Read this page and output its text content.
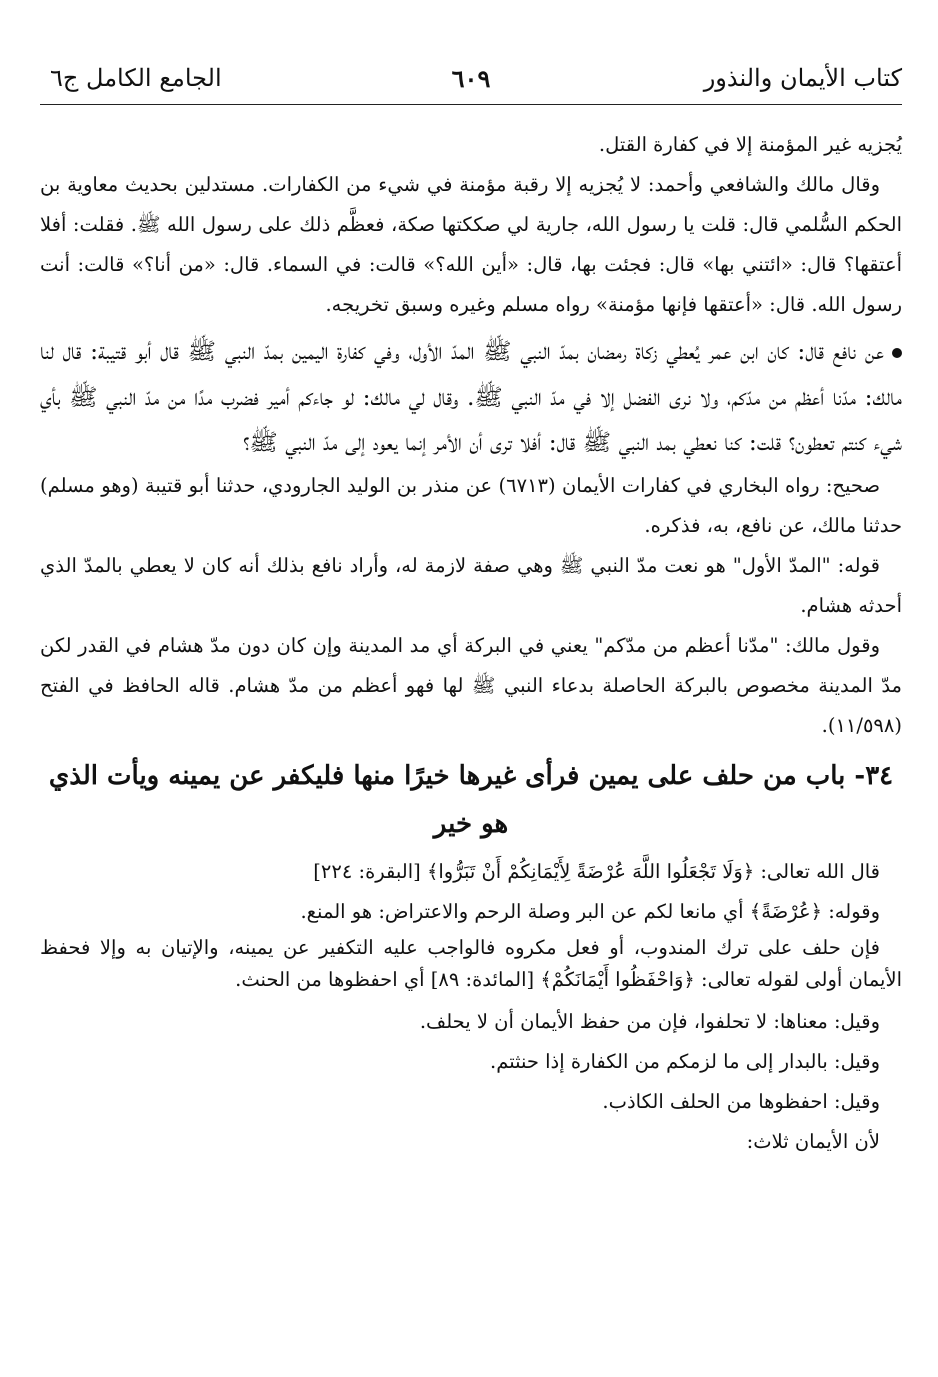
كتاب الأيمان والنذور
٦٠٩
الجامع الكامل ج٦

يُجزيه غير المؤمنة إلا في كفارة القتل.

وقال مالك والشافعي وأحمد: لا يُجزيه إلا رقبة مؤمنة في شيء من الكفارات. مستدلين بحديث معاوية بن الحكم السُّلمي قال: قلت يا رسول الله، جارية لي صككتها صكة، فعظَّم ذلك على رسول الله ﷺ. فقلت: أفلا أعتقها؟ قال: «ائتني بها» قال: فجئت بها، قال: «أين الله؟» قالت: في السماء. قال: «من أنا؟» قالت: أنت رسول الله. قال: «أعتقها فإنها مؤمنة» رواه مسلم وغيره وسبق تخريجه.

عن نافع قال: كان ابن عمر يُعطي زكاة رمضان بمدّ النبي ﷺ المدّ الأول، وفي كفارة اليمين بمدّ النبي ﷺ قال أبو قتيبة: قال لنا مالك: مدّنا أعظم من مدّكم، ولا نرى الفضل إلا في مدّ النبي ﷺ. وقال لي مالك: لو جاءكم أمير فضرب مدًا من مدّ النبي ﷺ بأي شيء كنتم تعطون؟ قلت: كنا نعطي بمد النبي ﷺ قال: أفلا ترى أن الأمر إنما يعود إلى مدّ النبي ﷺ؟

صحيح: رواه البخاري في كفارات الأيمان (٦٧١٣) عن منذر بن الوليد الجارودي، حدثنا أبو قتيبة (وهو مسلم) حدثنا مالك، عن نافع، به، فذكره.

قوله: "المدّ الأول" هو نعت مدّ النبي ﷺ وهي صفة لازمة له، وأراد نافع بذلك أنه كان لا يعطي بالمدّ الذي أحدثه هشام.

وقول مالك: "مدّنا أعظم من مدّكم" يعني في البركة أي مد المدينة وإن كان دون مدّ هشام في القدر لكن مدّ المدينة مخصوص بالبركة الحاصلة بدعاء النبي ﷺ لها فهو أعظم من مدّ هشام. قاله الحافظ في الفتح (١١/٥٩٨).

٣٤- باب من حلف على يمين فرأى غيرها خيرًا منها فليكفر عن يمينه ويأت الذي هو خير

قال الله تعالى: ﴿وَلَا تَجْعَلُوا اللَّهَ عُرْضَةً لِأَيْمَانِكُمْ أَنْ تَبَرُّوا﴾ [البقرة: ٢٢٤]

وقوله: ﴿عُرْضَةً﴾ أي مانعا لكم عن البر وصلة الرحم والاعتراض: هو المنع.

فإن حلف على ترك المندوب، أو فعل مكروه فالواجب عليه التكفير عن يمينه، والإتيان به وإلا فحفظ الأيمان أولى لقوله تعالى: ﴿وَاحْفَظُوا أَيْمَانَكُمْ﴾ [المائدة: ٨٩] أي احفظوها من الحنث.

وقيل: معناها: لا تحلفوا، فإن من حفظ الأيمان أن لا يحلف.

وقيل: بالبدار إلى ما لزمكم من الكفارة إذا حنثتم.

وقيل: احفظوها من الحلف الكاذب.

لأن الأيمان ثلاث:
